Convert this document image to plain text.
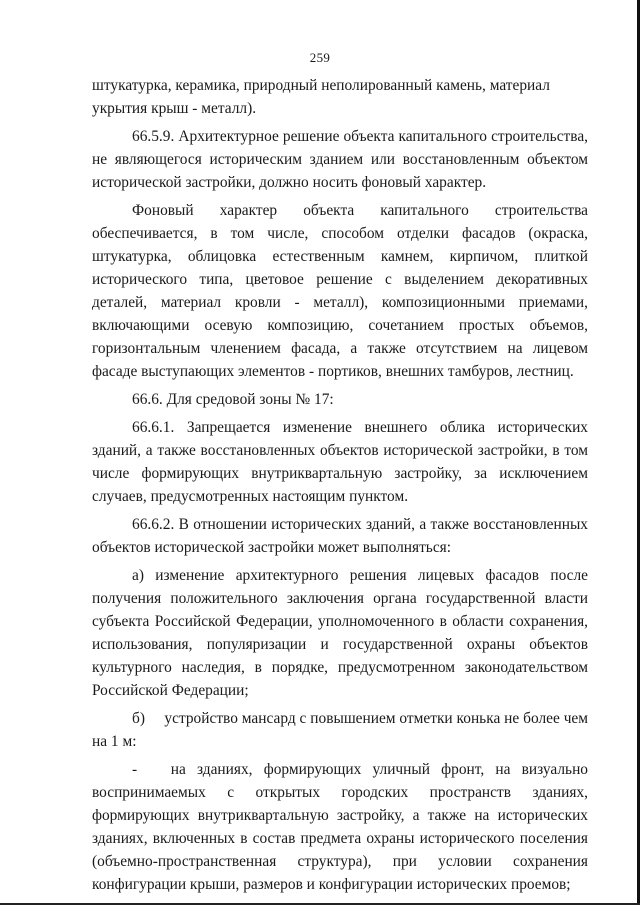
259

штукатурка, керамика, природный неполированный камень, материал укрытия крыш - металл).

66.5.9. Архитектурное решение объекта капитального строительства, не являющегося историческим зданием или восстановленным объектом исторической застройки, должно носить фоновый характер.

Фоновый характер объекта капитального строительства обеспечивается, в том числе, способом отделки фасадов (окраска, штукатурка, облицовка естественным камнем, кирпичом, плиткой исторического типа, цветовое решение с выделением декоративных деталей, материал кровли - металл), композиционными приемами, включающими осевую композицию, сочетанием простых объемов, горизонтальным членением фасада, а также отсутствием на лицевом фасаде выступающих элементов - портиков, внешних тамбуров, лестниц.

66.6. Для средовой зоны № 17:

66.6.1. Запрещается изменение внешнего облика исторических зданий, а также восстановленных объектов исторической застройки, в том числе формирующих внутриквартальную застройку, за исключением случаев, предусмотренных настоящим пунктом.

66.6.2. В отношении исторических зданий, а также восстановленных объектов исторической застройки может выполняться:

а) изменение архитектурного решения лицевых фасадов после получения положительного заключения органа государственной власти субъекта Российской Федерации, уполномоченного в области сохранения, использования, популяризации и государственной охраны объектов культурного наследия, в порядке, предусмотренном законодательством Российской Федерации;

б)     устройство мансард с повышением отметки конька не более чем на 1 м:

-   на зданиях, формирующих уличный фронт, на визуально воспринимаемых с открытых городских пространств зданиях, формирующих внутриквартальную застройку, а также на исторических зданиях, включенных в состав предмета охраны исторического поселения (объемно-пространственная структура), при условии сохранения конфигурации крыши, размеров и конфигурации исторических проемов;
